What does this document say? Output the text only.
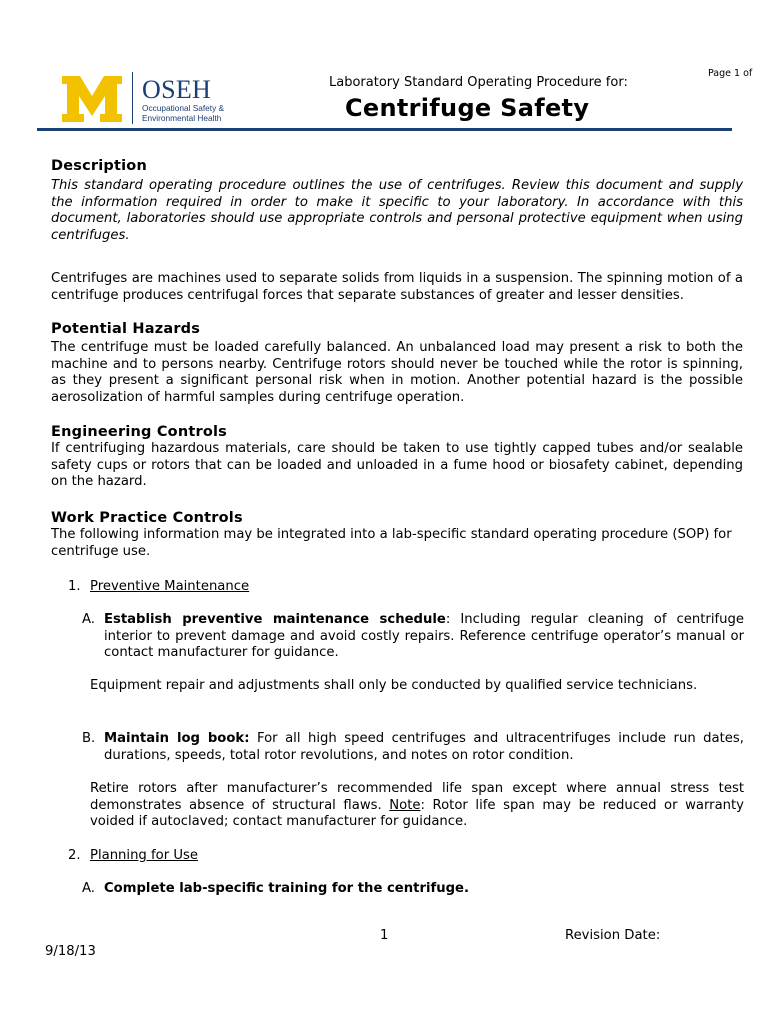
OSEH
Occupational Safety &
Environmental Health
Laboratory Standard Operating Procedure for:
Centrifuge Safety
Page 1 of
Description
This standard operating procedure outlines the use of centrifuges. Review this document and supply the information required in order to make it specific to your laboratory. In accordance with this document, laboratories should use appropriate controls and personal protective equipment when using centrifuges.
Centrifuges are machines used to separate solids from liquids in a suspension. The spinning motion of a centrifuge produces centrifugal forces that separate substances of greater and lesser densities.
Potential Hazards
The centrifuge must be loaded carefully balanced. An unbalanced load may present a risk to both the machine and to persons nearby. Centrifuge rotors should never be touched while the rotor is spinning, as they present a significant personal risk when in motion. Another potential hazard is the possible aerosolization of harmful samples during centrifuge operation.
Engineering Controls
If centrifuging hazardous materials, care should be taken to use tightly capped tubes and/or sealable safety cups or rotors that can be loaded and unloaded in a fume hood or biosafety cabinet, depending on the hazard.
Work Practice Controls
The following information may be integrated into a lab-specific standard operating procedure (SOP) for centrifuge use.
1. Preventive Maintenance
A. Establish preventive maintenance schedule: Including regular cleaning of centrifuge interior to prevent damage and avoid costly repairs. Reference centrifuge operator’s manual or contact manufacturer for guidance.
Equipment repair and adjustments shall only be conducted by qualified service technicians.
B. Maintain log book: For all high speed centrifuges and ultracentrifuges include run dates, durations, speeds, total rotor revolutions, and notes on rotor condition.
Retire rotors after manufacturer’s recommended life span except where annual stress test demonstrates absence of structural flaws. Note: Rotor life span may be reduced or warranty voided if autoclaved; contact manufacturer for guidance.
2. Planning for Use
A. Complete lab-specific training for the centrifuge.
1	Revision Date:
9/18/13
